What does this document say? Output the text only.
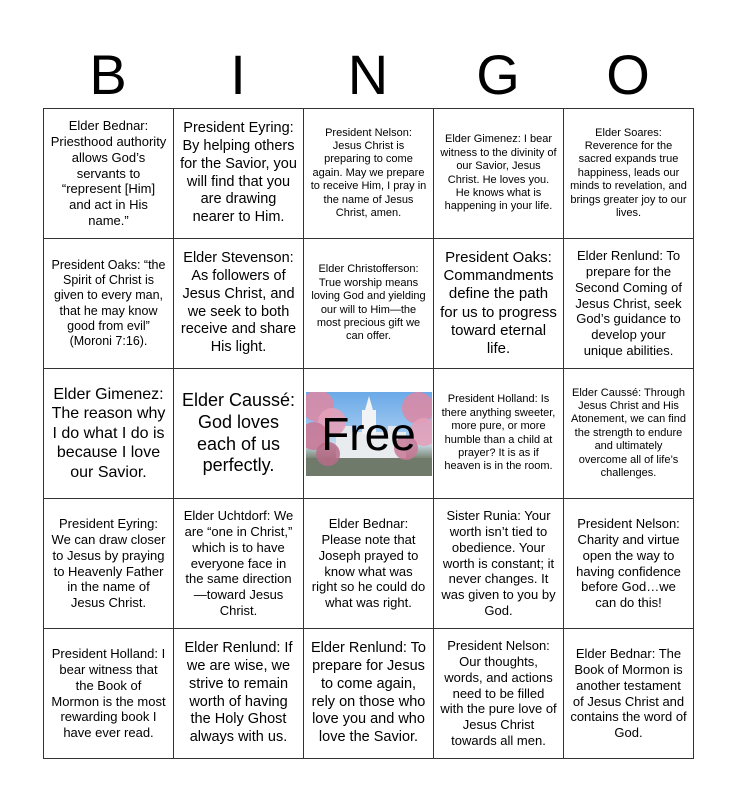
B	I	N	G	O
Elder Bednar: Priesthood authority allows God’s servants to “represent [Him] and act in His name.”	President Eyring: By helping others for the Savior, you will find that you are drawing nearer to Him.	President Nelson: Jesus Christ is preparing to come again. May we prepare to receive Him, I pray in the name of Jesus Christ, amen.	Elder Gimenez: I bear witness to the divinity of our Savior, Jesus Christ. He loves you. He knows what is happening in your life.	Elder Soares: Reverence for the sacred expands true happiness, leads our minds to revelation, and brings greater joy to our lives.
President Oaks: “the Spirit of Christ is given to every man, that he may know good from evil” (Moroni 7:16).	Elder Stevenson: As followers of Jesus Christ, and we seek to both receive and share His light.	Elder Christofferson: True worship means loving God and yielding our will to Him—the most precious gift we can offer.	President Oaks: Commandments define the path for us to progress toward eternal life.	Elder Renlund: To prepare for the Second Coming of Jesus Christ, seek God’s guidance to develop your unique abilities.
Elder Gimenez: The reason why I do what I do is because I love our Savior.	Elder Caussé: God loves each of us perfectly.	Free	President Holland: Is there anything sweeter, more pure, or more humble than a child at prayer? It is as if heaven is in the room.	Elder Caussé: Through Jesus Christ and His Atonement, we can find the strength to endure and ultimately overcome all of life’s challenges.
President Eyring: We can draw closer to Jesus by praying to Heavenly Father in the name of Jesus Christ.	Elder Uchtdorf: We are “one in Christ,” which is to have everyone face in the same direction—toward Jesus Christ.	Elder Bednar: Please note that Joseph prayed to know what was right so he could do what was right.	Sister Runia: Your worth isn’t tied to obedience. Your worth is constant; it never changes. It was given to you by God.	President Nelson: Charity and virtue open the way to having confidence before God…we can do this!
President Holland: I bear witness that the Book of Mormon is the most rewarding book I have ever read.	Elder Renlund: If we are wise, we strive to remain worth of having the Holy Ghost always with us.	Elder Renlund: To prepare for Jesus to come again, rely on those who love you and who love the Savior.	President Nelson: Our thoughts, words, and actions need to be filled with the pure love of Jesus Christ towards all men.	Elder Bednar: The Book of Mormon is another testament of Jesus Christ and contains the word of God.
